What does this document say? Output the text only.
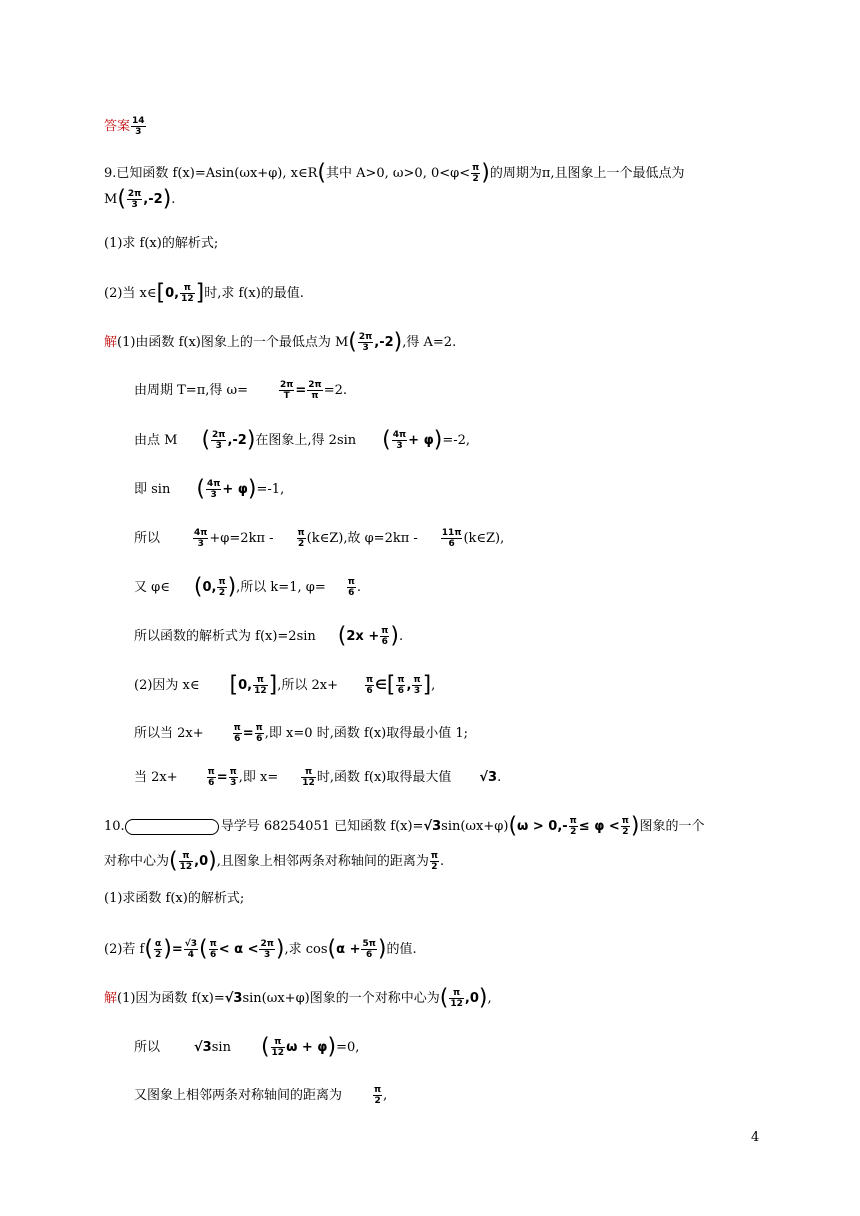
答案 $\frac{14}{3}$
9.已知函数 f(x)=Asin(ωx+φ), x∈R(其中 A>0, ω>0, $0<\varphi< \frac{\pi}{2}$ )的周期为π,且图象上一个最低点为
$M( \frac{2\pi}{3} ,-2)$.
(1)求 f(x)的解析式;
(2)当 x∈[0, $\frac{\pi}{12}$ ]时,求 f(x)的最值.
解(1)由函数 f(x)图象上的一个最低点为 $M( \frac{2\pi}{3} ,-2)$,得 A=2.
由周期 T=π,得 ω=	$\frac{2\pi}{T} = \frac{2\pi}{\pi} =2$.
由点 M ( $\frac{2\pi}{3} ,-2$)在图象上,得 2sin ( $\frac{4\pi}{3} + \varphi)=-2$,
即 sin ( $\frac{4\pi}{3} + \varphi)=-1$,
所以	$\frac{4\pi}{3} +\varphi=2k\pi$ -	$\frac{\pi}{2}$ (k∈Z),故 φ=2kπ -	$\frac{11\pi}{6}$ (k∈Z),
又 φ∈ (0, $\frac{\pi}{2}$ ),所以 k=1, $\varphi= \frac{\pi}{6}$ .
所以函数的解析式为 f(x)=2sin ($2x + \frac{\pi}{6}$ ).
(2)因为 x∈ [0, $\frac{\pi}{12}$ ],所以 2x+	$\frac{\pi}{6}$ ∈[ $\frac{\pi}{6}$ , $\frac{\pi}{3}$ ],
所以当 2x+	$\frac{\pi}{6} = \frac{\pi}{6}$ ,即 x=0 时,函数 f(x)取得最小值 1;
当 2x+	$\frac{\pi}{6} = \frac{\pi}{3}$ ,即 x=	$\frac{\pi}{12}$ 时,函数 f(x)取得最大值 √3.
10.	导学号 68254051 已知函数 $f(x)=√3\sin(\omega x+\varphi)(\omega > 0,- \frac{\pi}{2} \le \varphi < \frac{\pi}{2}$ )图象的一个
对称中心为( $\frac{\pi}{12} ,0$),且图象上相邻两条对称轴间的距离为 $\frac{\pi}{2}$ .
(1)求函数 f(x)的解析式;
(2)若 $f( \frac{\alpha}{2}$ )= $\frac{√3}{4}$ ( $\frac{\pi}{6} < \alpha < \frac{2\pi}{3}$ ),求 $\cos(\alpha + \frac{5\pi}{6}$ )的值.
解(1)因为函数 f(x)=√3sin(ωx+φ)图象的一个对称中心为( $\frac{\pi}{12} ,0$),
所以	√3sin ( $\frac{\pi}{12}$ ω + φ)=0,
又图象上相邻两条对称轴间的距离为	$\frac{\pi}{2}$ ,
4
